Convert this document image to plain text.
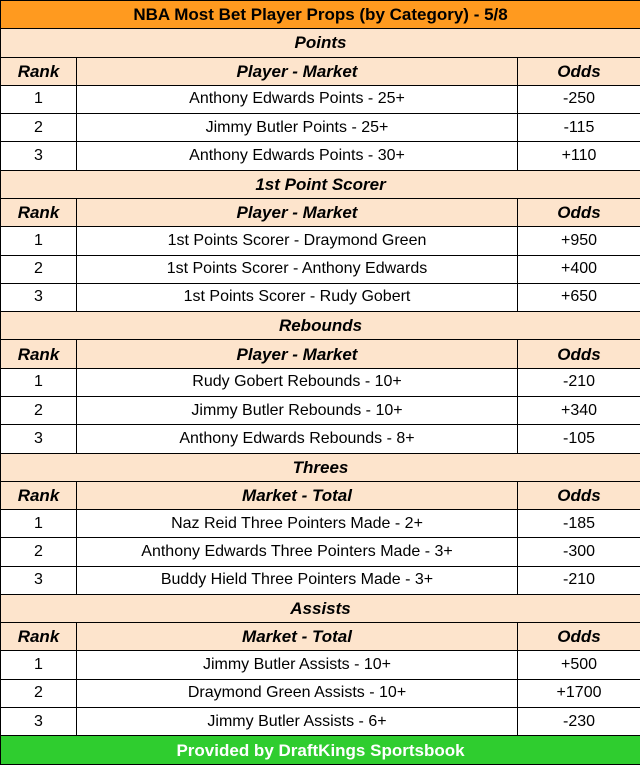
NBA Most Bet Player Props (by Category) - 5/8		
Points		
Rank	Player - Market	Odds
1	Anthony Edwards Points - 25+	-250
2	Jimmy Butler Points - 25+	-115
3	Anthony Edwards Points - 30+	+110
1st Point Scorer		
Rank	Player - Market	Odds
1	1st Points Scorer - Draymond Green	+950
2	1st Points Scorer - Anthony Edwards	+400
3	1st Points Scorer - Rudy Gobert	+650
Rebounds		
Rank	Player - Market	Odds
1	Rudy Gobert Rebounds - 10+	-210
2	Jimmy Butler Rebounds - 10+	+340
3	Anthony Edwards Rebounds - 8+	-105
Threes		
Rank	Market - Total	Odds
1	Naz Reid Three Pointers Made - 2+	-185
2	Anthony Edwards Three Pointers Made - 3+	-300
3	Buddy Hield Three Pointers Made - 3+	-210
Assists		
Rank	Market - Total	Odds
1	Jimmy Butler Assists - 10+	+500
2	Draymond Green Assists - 10+	+1700
3	Jimmy Butler Assists - 6+	-230
Provided by DraftKings Sportsbook		
